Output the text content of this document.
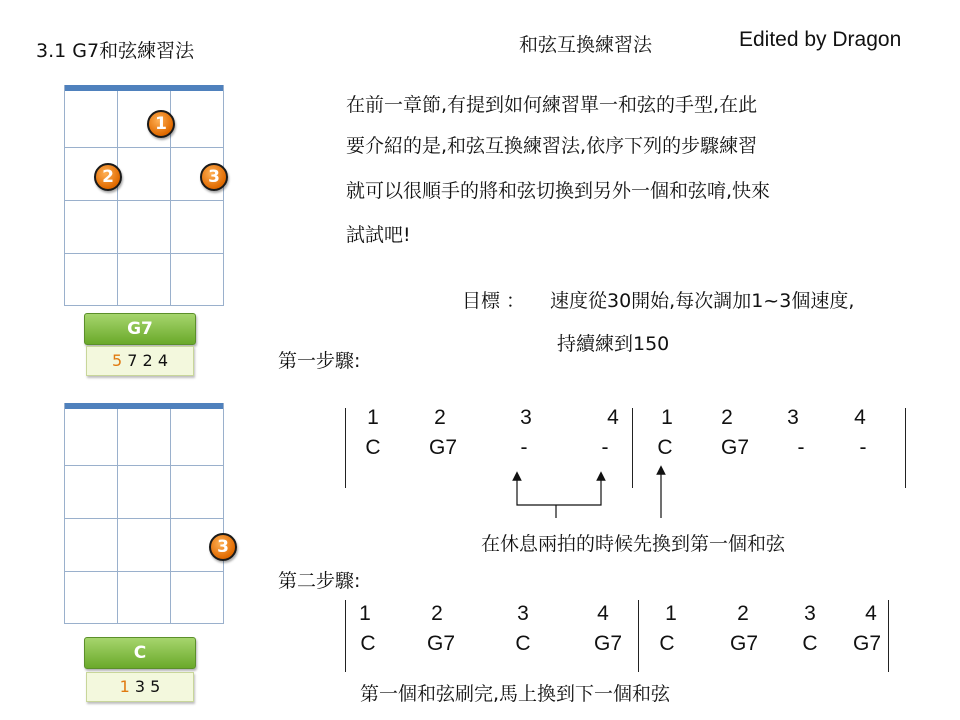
3.1 G7和弦練習法	和弦互換練習法	Edited by Dragon
在前一章節,有提到如何練習單一和弦的手型,在此
要介紹的是,和弦互換練習法,依序下列的步驟練習
就可以很順手的將和弦切換到另外一個和弦唷,快來
試試吧!
目標 ： 速度從30開始,每次調加1~3個速度,
持續練到150
1
2	3
G7
5 7 2 4
3
C
1 3 5
第一步驟:
1	2	3	4	1	2	3	4
C	G7	-	-	C	G7	-	-
在休息兩拍的時候先換到第一個和弦
第二步驟:
1	2	3	4	1	2	3	4
C	G7	C	G7	C	G7	C	G7
第一個和弦刷完,馬上換到下一個和弦
